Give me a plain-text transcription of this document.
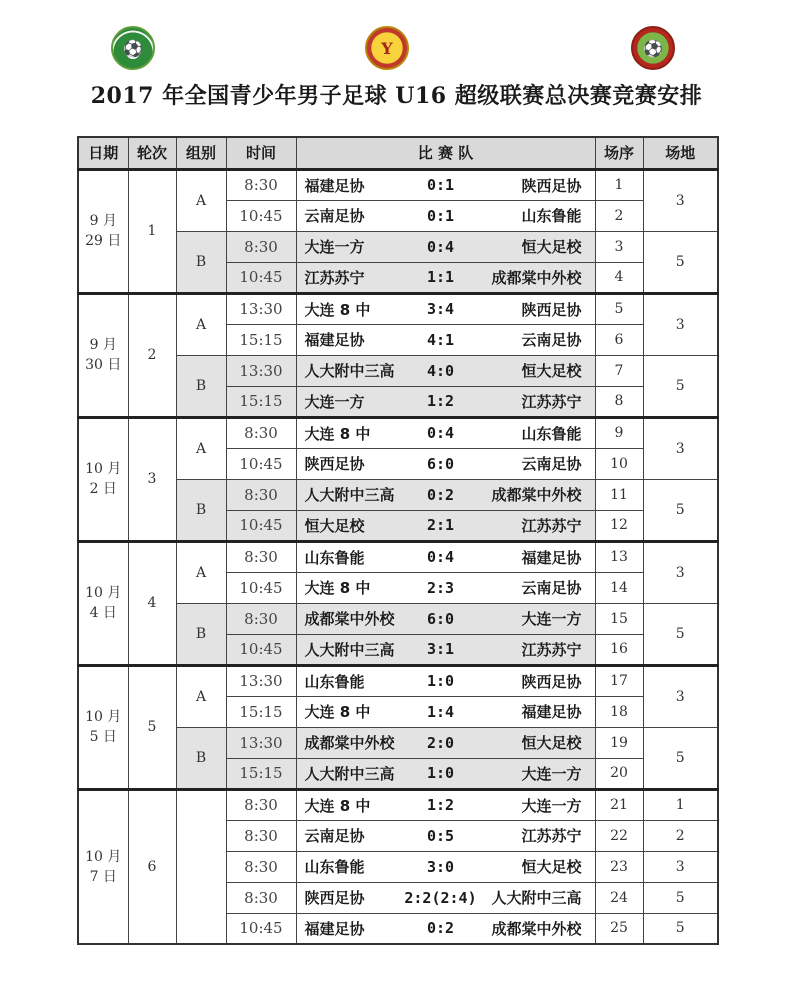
⚽	Y	⚽
2017 年全国青少年男子足球 U16 超级联赛总决赛竞赛安排
日期	轮次	组别	时间	比 赛 队	场序	场地

9 月
29 日
	1	A	8:30	福建足协	0:1	陕西足协	1	3
			10:45	云南足协 0:1 山东鲁能	2	
		B	8:30	大连一方 0:4 恒大足校	3	5
			10:45	江苏苏宁 1:1 成都棠中外校	4	

9 月
30 日
	2	A	13:30	大连 8 中	3:4	陕西足协	5	3
			15:15	福建足协 4:1 云南足协	6	
		B	13:30	人大附中三高 4:0 恒大足校	7	5
			15:15	大连一方 1:2 江苏苏宁	8	

10 月
2 日
	3	A	8:30	大连 8 中	0:4	山东鲁能	9	3
			10:45	陕西足协 6:0 云南足协	10	
		B	8:30	人大附中三高 0:2 成都棠中外校	11	5
			10:45	恒大足校 2:1 江苏苏宁	12	

10 月
4 日
	4	A	8:30	山东鲁能	0:4	福建足协	13	3
			10:45	大连 8 中 2:3 云南足协	14	
		B	8:30	成都棠中外校 6:0 大连一方	15	5
			10:45	人大附中三高 3:1 江苏苏宁	16	

10 月
5 日
	5	A	13:30	山东鲁能	1:0	陕西足协	17	3
			15:15	大连 8 中 1:4 福建足协	18	
		B	13:30	成都棠中外校 2:0 恒大足校	19	5
			15:15	人大附中三高 1:0 大连一方	20	

10 月
7 日
	6		8:30	大连 8 中	1:2	大连一方	21	1
			8:30	云南足协 0:5 江苏苏宁	22	2
			8:30	山东鲁能 3:0 恒大足校	23	3
			8:30	陕西足协 2:2(2:4) 人大附中三高	24	5
			10:45	福建足协 0:2 成都棠中外校	25	5
